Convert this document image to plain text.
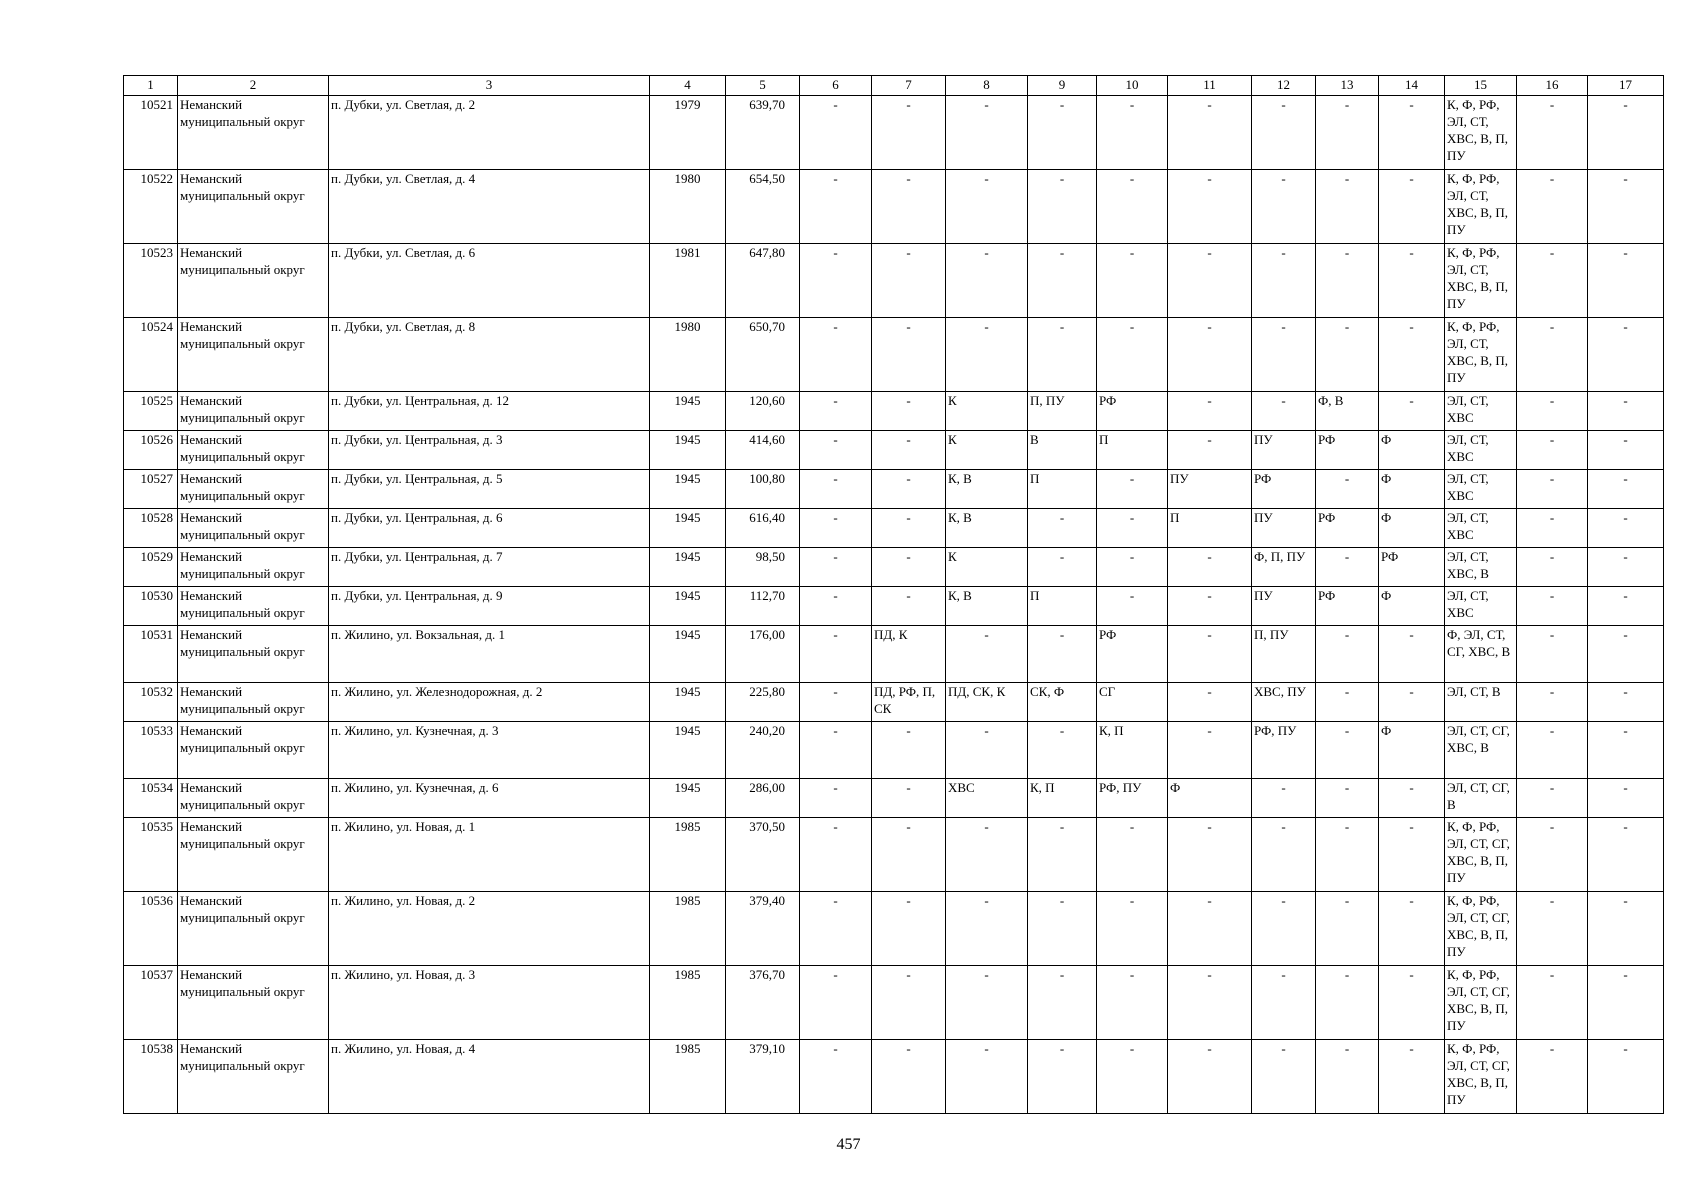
1	2	3	4	5	6	7	8	9	10	11	12	13	14	15	16	17
10521	Неманский муниципальный округ	п. Дубки, ул. Светлая, д. 2	1979	639,70	-	-	-	-	-	-	-	-	-	К, Ф, РФ, ЭЛ, СТ, ХВС, В, П, ПУ	-	-
10522	Неманский муниципальный округ	п. Дубки, ул. Светлая, д. 4	1980	654,50	-	-	-	-	-	-	-	-	-	К, Ф, РФ, ЭЛ, СТ, ХВС, В, П, ПУ	-	-
10523	Неманский муниципальный округ	п. Дубки, ул. Светлая, д. 6	1981	647,80	-	-	-	-	-	-	-	-	-	К, Ф, РФ, ЭЛ, СТ, ХВС, В, П, ПУ	-	-
10524	Неманский муниципальный округ	п. Дубки, ул. Светлая, д. 8	1980	650,70	-	-	-	-	-	-	-	-	-	К, Ф, РФ, ЭЛ, СТ, ХВС, В, П, ПУ	-	-
10525	Неманский муниципальный округ	п. Дубки, ул. Центральная, д. 12	1945	120,60	-	-	К	П, ПУ	РФ	-	-	Ф, В	-	ЭЛ, СТ, ХВС	-	-
10526	Неманский муниципальный округ	п. Дубки, ул. Центральная, д. 3	1945	414,60	-	-	К	В	П	-	ПУ	РФ	Ф	ЭЛ, СТ, ХВС	-	-
10527	Неманский муниципальный округ	п. Дубки, ул. Центральная, д. 5	1945	100,80	-	-	К, В	П	-	ПУ	РФ	-	Ф	ЭЛ, СТ, ХВС	-	-
10528	Неманский муниципальный округ	п. Дубки, ул. Центральная, д. 6	1945	616,40	-	-	К, В	-	-	П	ПУ	РФ	Ф	ЭЛ, СТ, ХВС	-	-
10529	Неманский муниципальный округ	п. Дубки, ул. Центральная, д. 7	1945	98,50	-	-	К	-	-	-	Ф, П, ПУ	-	РФ	ЭЛ, СТ, ХВС, В	-	-
10530	Неманский муниципальный округ	п. Дубки, ул. Центральная, д. 9	1945	112,70	-	-	К, В	П	-	-	ПУ	РФ	Ф	ЭЛ, СТ, ХВС	-	-
10531	Неманский муниципальный округ	п. Жилино, ул. Вокзальная, д. 1	1945	176,00	-	ПД, К	-	-	РФ	-	П, ПУ	-	-	Ф, ЭЛ, СТ, СГ, ХВС, В	-	-
10532	Неманский муниципальный округ	п. Жилино, ул. Железнодорожная, д. 2	1945	225,80	-	ПД, РФ, П, СК	ПД, СК, К	СК, Ф	СГ	-	ХВС, ПУ	-	-	ЭЛ, СТ, В	-	-
10533	Неманский муниципальный округ	п. Жилино, ул. Кузнечная, д. 3	1945	240,20	-	-	-	-	К, П	-	РФ, ПУ	-	Ф	ЭЛ, СТ, СГ, ХВС, В	-	-
10534	Неманский муниципальный округ	п. Жилино, ул. Кузнечная, д. 6	1945	286,00	-	-	ХВС	К, П	РФ, ПУ	Ф	-	-	-	ЭЛ, СТ, СГ, В	-	-
10535	Неманский муниципальный округ	п. Жилино, ул. Новая, д. 1	1985	370,50	-	-	-	-	-	-	-	-	-	К, Ф, РФ, ЭЛ, СТ, СГ, ХВС, В, П, ПУ	-	-
10536	Неманский муниципальный округ	п. Жилино, ул. Новая, д. 2	1985	379,40	-	-	-	-	-	-	-	-	-	К, Ф, РФ, ЭЛ, СТ, СГ, ХВС, В, П, ПУ	-	-
10537	Неманский муниципальный округ	п. Жилино, ул. Новая, д. 3	1985	376,70	-	-	-	-	-	-	-	-	-	К, Ф, РФ, ЭЛ, СТ, СГ, ХВС, В, П, ПУ	-	-
10538	Неманский муниципальный округ	п. Жилино, ул. Новая, д. 4	1985	379,10	-	-	-	-	-	-	-	-	-	К, Ф, РФ, ЭЛ, СТ, СГ, ХВС, В, П, ПУ	-	-
457
